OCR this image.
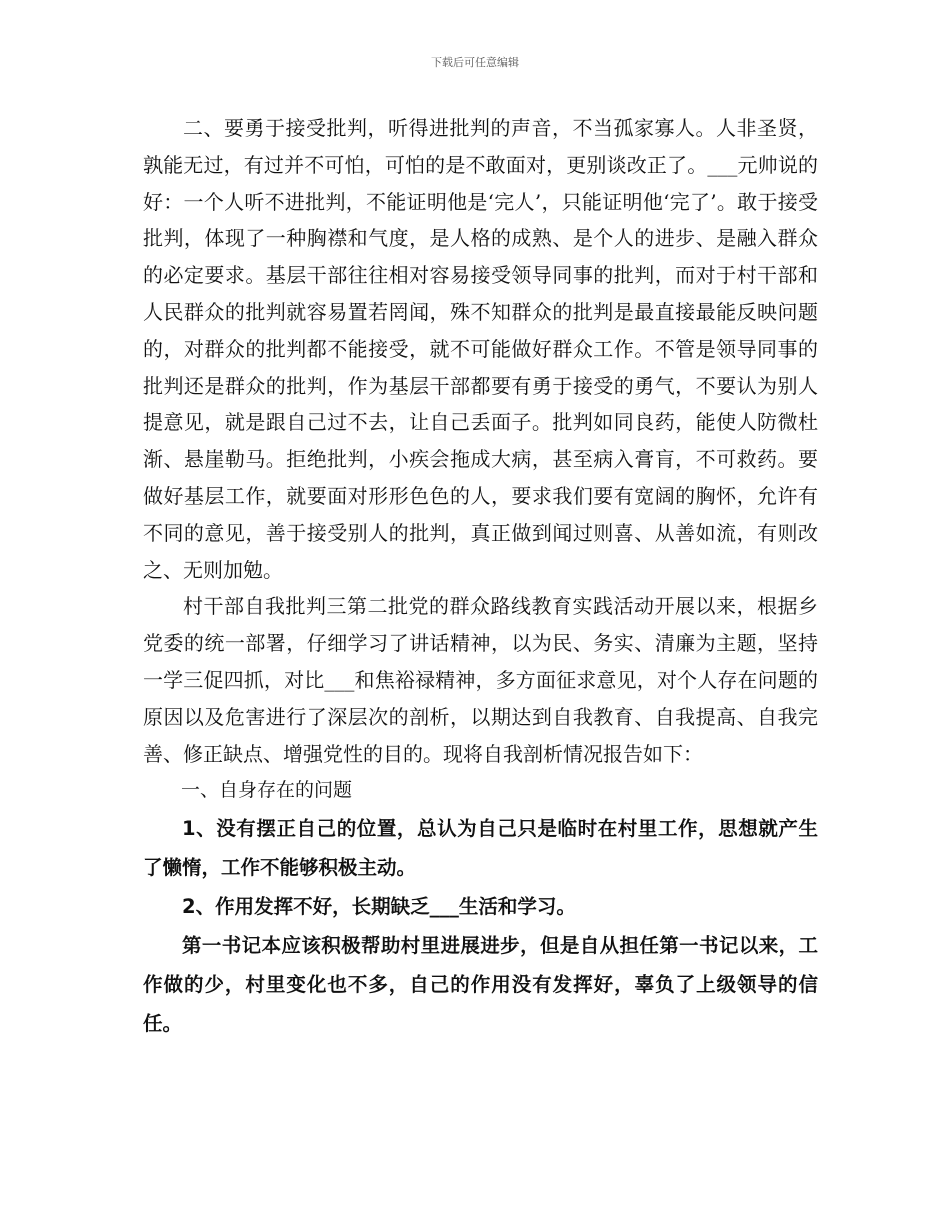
下载后可任意编辑

二、要勇于接受批判，听得进批判的声音，不当孤家寡人。人非圣贤，孰能无过，有过并不可怕，可怕的是不敢面对，更别谈改正了。___元帅说的好：一个人听不进批判，不能证明他是‘完人’，只能证明他‘完了’。敢于接受批判，体现了一种胸襟和气度，是人格的成熟、是个人的进步、是融入群众的必定要求。基层干部往往相对容易接受领导同事的批判，而对于村干部和人民群众的批判就容易置若罔闻，殊不知群众的批判是最直接最能反映问题的，对群众的批判都不能接受，就不可能做好群众工作。不管是领导同事的批判还是群众的批判，作为基层干部都要有勇于接受的勇气，不要认为别人提意见，就是跟自己过不去，让自己丢面子。批判如同良药，能使人防微杜渐、悬崖勒马。拒绝批判，小疾会拖成大病，甚至病入膏肓，不可救药。要做好基层工作，就要面对形形色色的人，要求我们要有宽阔的胸怀，允许有不同的意见，善于接受别人的批判，真正做到闻过则喜、从善如流，有则改之、无则加勉。

村干部自我批判三第二批党的群众路线教育实践活动开展以来，根据乡党委的统一部署，仔细学习了讲话精神，以为民、务实、清廉为主题，坚持一学三促四抓，对比___和焦裕禄精神，多方面征求意见，对个人存在问题的原因以及危害进行了深层次的剖析，以期达到自我教育、自我提高、自我完善、修正缺点、增强党性的目的。现将自我剖析情况报告如下：

一、自身存在的问题

1、没有摆正自己的位置，总认为自己只是临时在村里工作，思想就产生了懒惰，工作不能够积极主动。

2、作用发挥不好，长期缺乏___生活和学习。

第一书记本应该积极帮助村里进展进步，但是自从担任第一书记以来，工作做的少，村里变化也不多，自己的作用没有发挥好，辜负了上级领导的信任。
